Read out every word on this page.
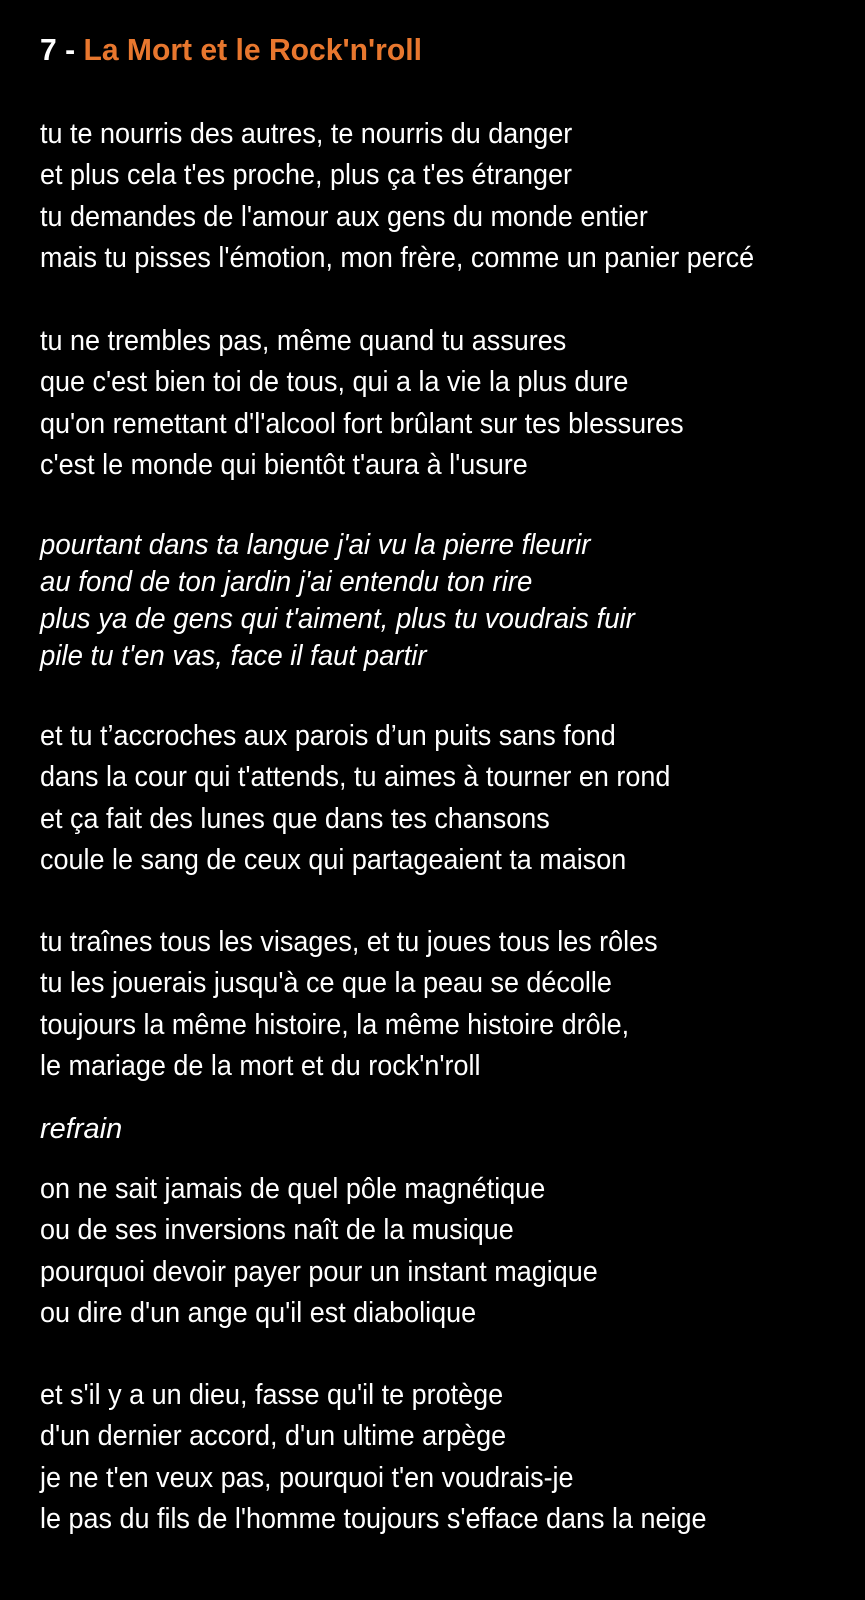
7 - La Mort et le Rock'n'roll
tu te nourris des autres, te nourris du danger
et plus cela t'es proche, plus ça t'es étranger
tu demandes de l'amour aux gens du monde entier
mais tu pisses l'émotion, mon frère, comme un panier percé
tu ne trembles pas, même quand tu assures
que c'est bien toi de tous, qui a la vie la plus dure
qu'on remettant d'l'alcool fort brûlant sur tes blessures
c'est le monde qui bientôt t'aura à l'usure
pourtant dans ta langue j'ai vu la pierre fleurir
au fond de ton jardin j'ai entendu ton rire
plus ya de gens qui t'aiment, plus tu voudrais fuir
pile tu t'en vas, face il faut partir
et tu t’accroches aux parois d’un puits sans fond
dans la cour qui t'attends, tu aimes à tourner en rond
et ça fait des lunes que dans tes chansons
coule le sang de ceux qui partageaient ta maison
tu traînes tous les visages, et tu joues tous les rôles
tu les jouerais jusqu'à ce que la peau se décolle
toujours la même histoire, la même histoire drôle,
le mariage de la mort et du rock'n'roll
refrain
on ne sait jamais de quel pôle magnétique
ou de ses inversions naît de la musique
pourquoi devoir payer pour un instant magique
ou dire d'un ange qu'il est diabolique
et s'il y a un dieu, fasse qu'il te protège
d'un dernier accord, d'un ultime arpège
je ne t'en veux pas, pourquoi t'en voudrais-je
le pas du fils de l'homme toujours s'efface dans la neige
